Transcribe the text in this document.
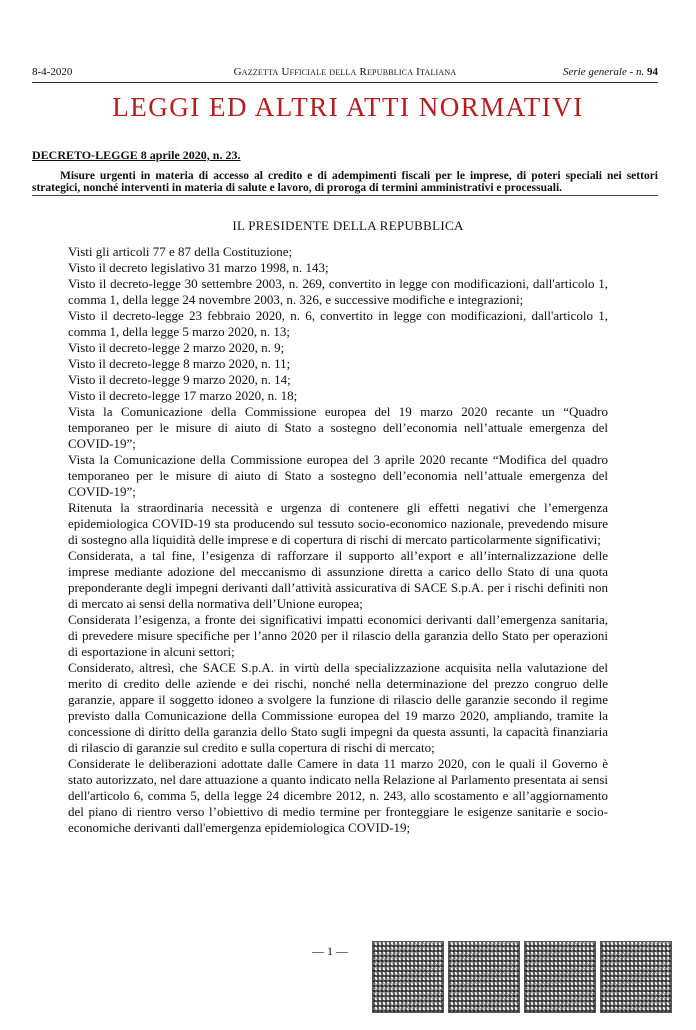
8-4-2020	Gazzetta Ufficiale della Repubblica Italiana	Serie generale - n. 94
LEGGI ED ALTRI ATTI NORMATIVI
DECRETO-LEGGE 8 aprile 2020, n. 23.
Misure urgenti in materia di accesso al credito e di adempimenti fiscali per le imprese, di poteri speciali nei settori strategici, nonché interventi in materia di salute e lavoro, di proroga di termini amministrativi e processuali.
IL PRESIDENTE DELLA REPUBBLICA

Visti gli articoli 77 e 87 della Costituzione;

Visto il decreto legislativo 31 marzo 1998, n. 143;

Visto il decreto-legge 30 settembre 2003, n. 269, convertito in legge con modificazioni, dall'articolo 1, comma 1, della legge 24 novembre 2003, n. 326, e successive modifiche e integrazioni;

Visto il decreto-legge 23 febbraio 2020, n. 6, convertito in legge con modificazioni, dall'articolo 1, comma 1, della legge 5 marzo 2020, n. 13;

Visto il decreto-legge 2 marzo 2020, n. 9;

Visto il decreto-legge 8 marzo 2020, n. 11;

Visto il decreto-legge 9 marzo 2020, n. 14;

Visto il decreto-legge 17 marzo 2020, n. 18;

Vista la Comunicazione della Commissione europea del 19 marzo 2020 recante un “Quadro temporaneo per le misure di aiuto di Stato a sostegno dell’economia nell’attuale emergenza del COVID-19”;

Vista la Comunicazione della Commissione europea del 3 aprile 2020 recante “Modifica del quadro temporaneo per le misure di aiuto di Stato a sostegno dell’economia nell’attuale emergenza del COVID-19”;

Ritenuta la straordinaria necessità e urgenza di contenere gli effetti negativi che l’emergenza epidemiologica COVID-19 sta producendo sul tessuto socio-economico nazionale, prevedendo misure di sostegno alla liquidità delle imprese e di copertura di rischi di mercato particolarmente significativi;

Considerata, a tal fine, l’esigenza di rafforzare il supporto all’export e all’internalizzazione delle imprese mediante adozione del meccanismo di assunzione diretta a carico dello Stato di una quota preponderante degli impegni derivanti dall’attività assicurativa di SACE S.p.A. per i rischi definiti non di mercato ai sensi della normativa dell’Unione europea;

Considerata l’esigenza, a fronte dei significativi impatti economici derivanti dall’emergenza sanitaria, di prevedere misure specifiche per l’anno 2020 per il rilascio della garanzia dello Stato per operazioni di esportazione in alcuni settori;

Considerato, altresì, che SACE S.p.A. in virtù della specializzazione acquisita nella valutazione del merito di credito delle aziende e dei rischi, nonché nella determinazione del prezzo congruo delle garanzie, appare il soggetto idoneo a svolgere la funzione di rilascio delle garanzie secondo il regime previsto dalla Comunicazione della Commissione europea del 19 marzo 2020, ampliando, tramite la concessione di diritto della garanzia dello Stato sugli impegni da questa assunti, la capacità finanziaria di rilascio di garanzie sul credito e sulla copertura di rischi di mercato;

Considerate le deliberazioni adottate dalle Camere in data 11 marzo 2020, con le quali il Governo è stato autorizzato, nel dare attuazione a quanto indicato nella Relazione al Parlamento presentata ai sensi dell'articolo 6, comma 5, della legge 24 dicembre 2012, n. 243, allo scostamento e all’aggiornamento del piano di rientro verso l’obiettivo di medio termine per fronteggiare le esigenze sanitarie e socio-economiche derivanti dall'emergenza epidemiologica COVID-19;

— 1 —
